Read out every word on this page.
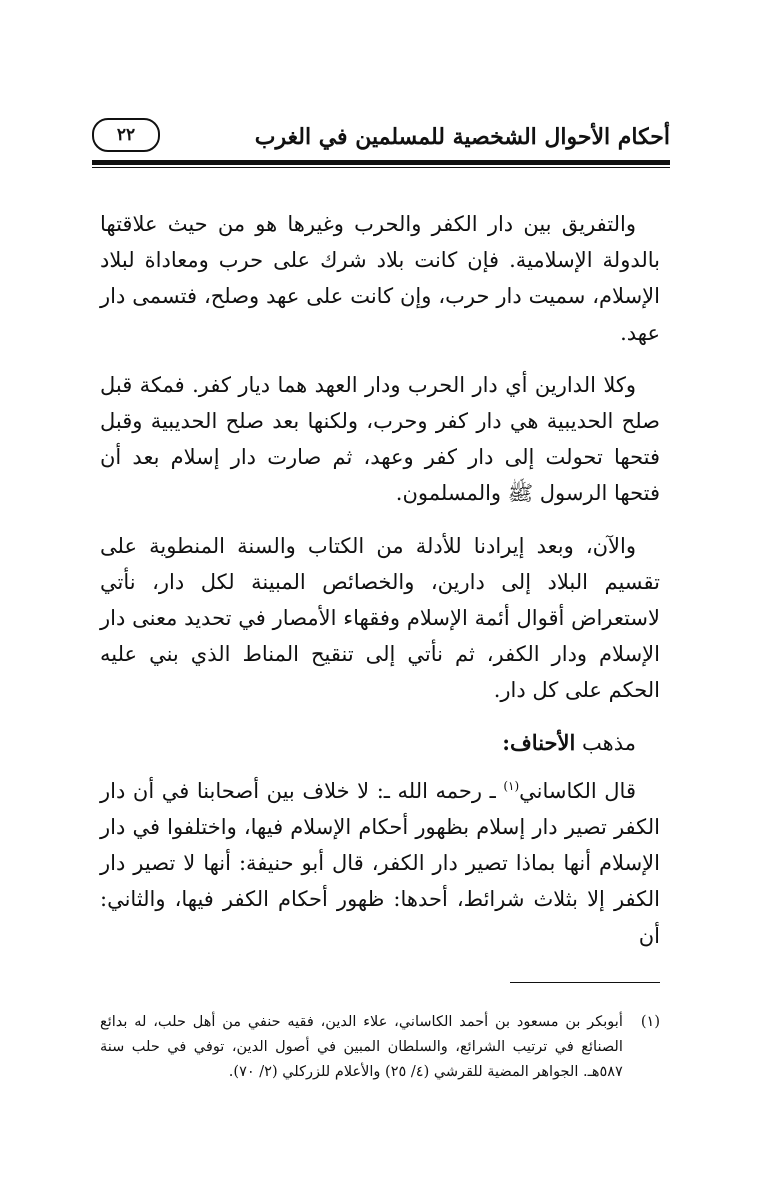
أحكام الأحوال الشخصية للمسلمين في الغرب
٢٢

والتفريق بين دار الكفر والحرب وغيرها هو من حيث علاقتها بالدولة الإسلامية. فإن كانت بلاد شرك على حرب ومعاداة لبلاد الإسلام، سميت دار حرب، وإن كانت على عهد وصلح، فتسمى دار عهد.

وكلا الدارين أي دار الحرب ودار العهد هما ديار كفر. فمكة قبل صلح الحديبية هي دار كفر وحرب، ولكنها بعد صلح الحديبية وقبل فتحها تحولت إلى دار كفر وعهد، ثم صارت دار إسلام بعد أن فتحها الرسول ﷺ والمسلمون.

والآن، وبعد إيرادنا للأدلة من الكتاب والسنة المنطوية على تقسيم البلاد إلى دارين، والخصائص المبينة لكل دار، نأتي لاستعراض أقوال أئمة الإسلام وفقهاء الأمصار في تحديد معنى دار الإسلام ودار الكفر، ثم نأتي إلى تنقيح المناط الذي بني عليه الحكم على كل دار.

مذهب الأحناف:

قال الكاساني$^{(١)}$ ـ رحمه الله ـ: لا خلاف بين أصحابنا في أن دار الكفر تصير دار إسلام بظهور أحكام الإسلام فيها، واختلفوا في دار الإسلام أنها بماذا تصير دار الكفر، قال أبو حنيفة: أنها لا تصير دار الكفر إلا بثلاث شرائط، أحدها: ظهور أحكام الكفر فيها، والثاني: أن

(١)
أبوبكر بن مسعود بن أحمد الكاساني، علاء الدين، فقيه حنفي من أهل حلب، له بدائع الصنائع في ترتيب الشرائع، والسلطان المبين في أصول الدين، توفي في حلب سنة ٥٨٧هـ. الجواهر المضية للقرشي (٤/ ٢٥) والأعلام للزركلي (٢/ ٧٠).
